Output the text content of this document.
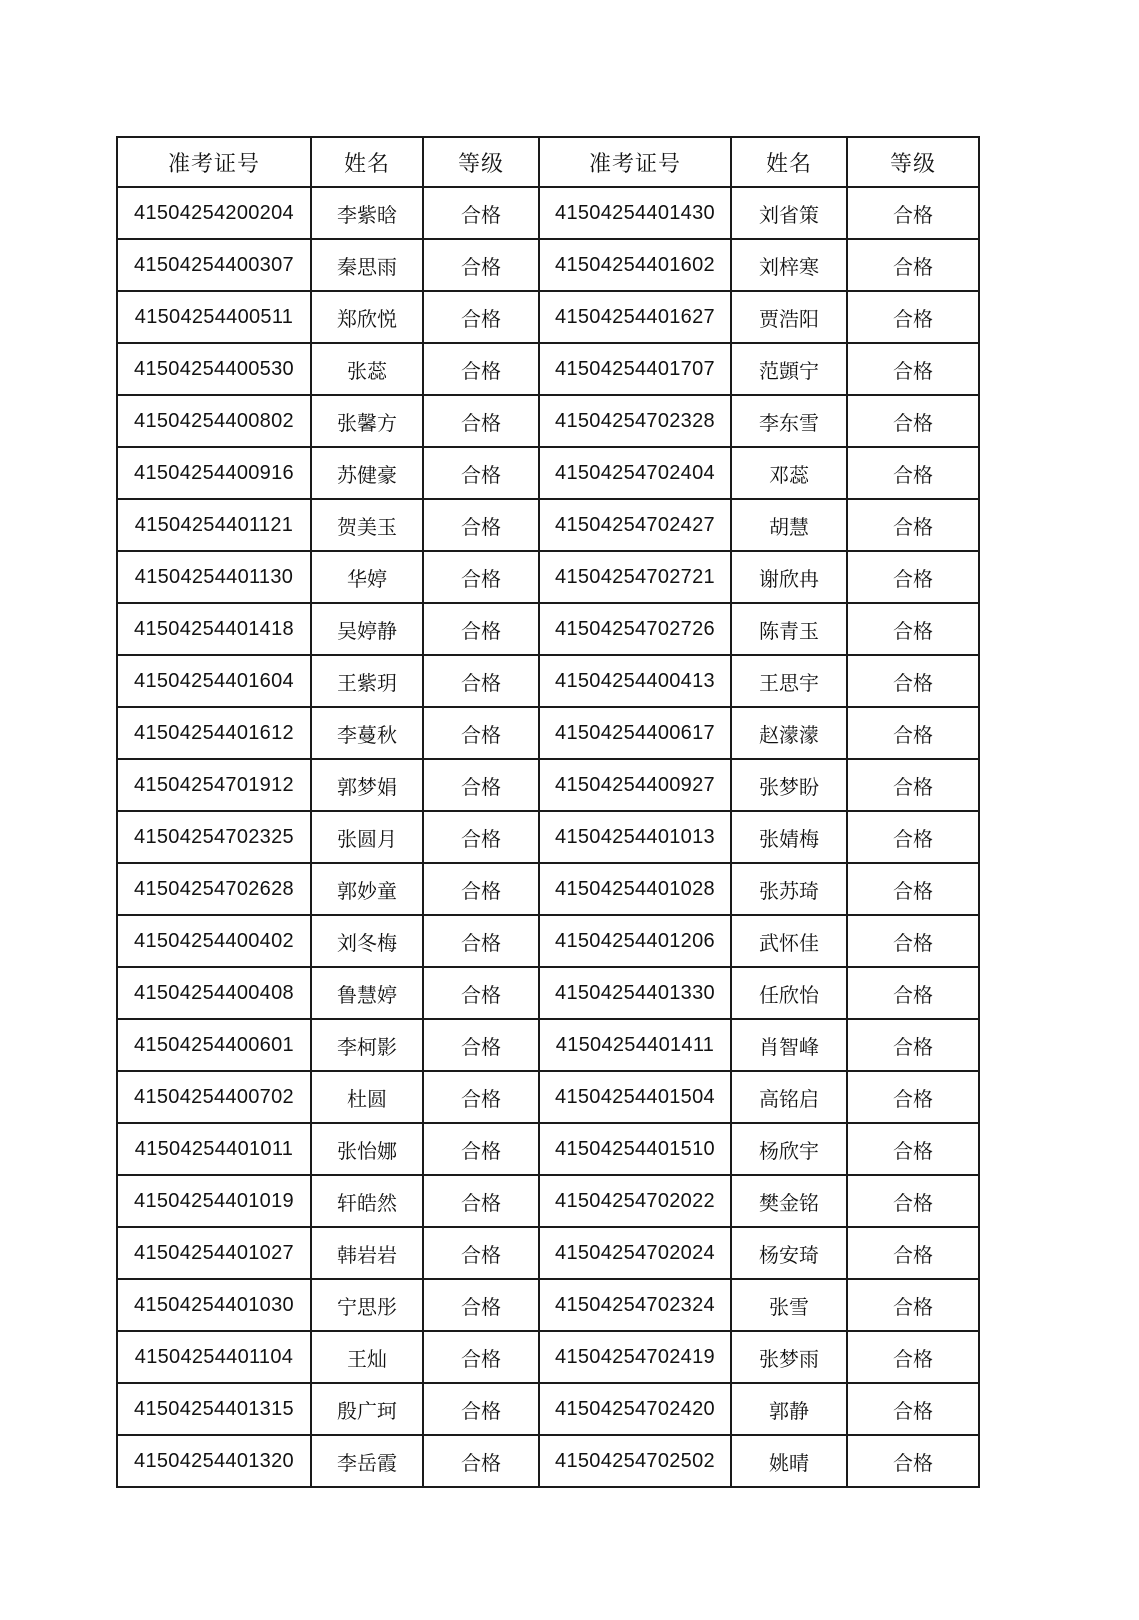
准考证号	姓名	等级	准考证号	姓名	等级
41504254200204	李紫晗	合格	41504254401430	刘省策	合格
41504254400307	秦思雨	合格	41504254401602	刘梓寒	合格
41504254400511	郑欣悦	合格	41504254401627	贾浩阳	合格
41504254400530	张蕊	合格	41504254401707	范顗宁	合格
41504254400802	张馨方	合格	41504254702328	李东雪	合格
41504254400916	苏健豪	合格	41504254702404	邓蕊	合格
41504254401121	贺美玉	合格	41504254702427	胡慧	合格
41504254401130	华婷	合格	41504254702721	谢欣冉	合格
41504254401418	吴婷静	合格	41504254702726	陈青玉	合格
41504254401604	王紫玥	合格	41504254400413	王思宇	合格
41504254401612	李蔓秋	合格	41504254400617	赵濛濛	合格
41504254701912	郭梦娟	合格	41504254400927	张梦盼	合格
41504254702325	张圆月	合格	41504254401013	张婧梅	合格
41504254702628	郭妙童	合格	41504254401028	张苏琦	合格
41504254400402	刘冬梅	合格	41504254401206	武怀佳	合格
41504254400408	鲁慧婷	合格	41504254401330	任欣怡	合格
41504254400601	李柯影	合格	41504254401411	肖智峰	合格
41504254400702	杜圆	合格	41504254401504	高铭启	合格
41504254401011	张怡娜	合格	41504254401510	杨欣宇	合格
41504254401019	轩皓然	合格	41504254702022	樊金铭	合格
41504254401027	韩岩岩	合格	41504254702024	杨安琦	合格
41504254401030	宁思彤	合格	41504254702324	张雪	合格
41504254401104	王灿	合格	41504254702419	张梦雨	合格
41504254401315	殷广珂	合格	41504254702420	郭静	合格
41504254401320	李岳霞	合格	41504254702502	姚晴	合格
